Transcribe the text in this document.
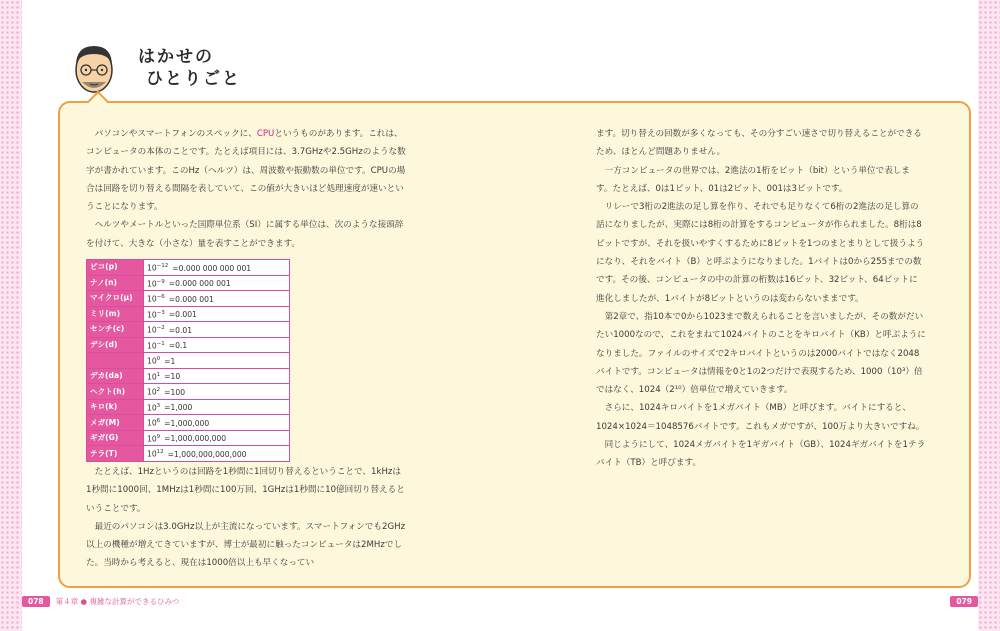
はかせの
ひとりごと

パソコンやスマートフォンのスペックに、CPUというものがあります。これは、コンピュータの本体のことです。たとえば項目には、3.7GHzや2.5GHzのような数字が書かれています。このHz（ヘルツ）は、周波数や振動数の単位です。CPUの場合は回路を切り替える間隔を表していて、この値が大きいほど処理速度が速いということになります。

ヘルツやメートルといった国際単位系（SI）に属する単位は、次のような接頭辞を付けて、大きな（小さな）量を表すことができます。

ピコ(p)	$10^{-12} =0.000$ 000 000 001
ナノ(n)	$10^{-9} =0.000$ 000 001
マイクロ(μ)	$10^{-6} =0.000$ 001
ミリ(m)	$10^{-3} =0.001$
センチ(c)	$10^{-2} =0.01$
デシ(d)	$10^{-1} =0.1$
	$10^0 =1$
デカ(da)	$10^1 =10$
ヘクト(h)	$10^2 =100$
キロ(k)	$10^3 =1,000$
メガ(M)	$10^6 =1,000,000$
ギガ(G)	$10^9 =1,000,000,000$
テラ(T)	$10^{12} =1,000,000,000,000$

たとえば、1Hzというのは回路を1秒間に1回切り替えるということで、1kHzは1秒間に1000回、1MHzは1秒間に100万回、1GHzは1秒間に10億回切り替えるということです。

最近のパソコンは3.0GHz以上が主流になっています。スマートフォンでも2GHz以上の機種が増えてきていますが、博士が最初に触ったコンピュータは2MHzでした。当時から考えると、現在は1000倍以上も早くなってい

ます。切り替えの回数が多くなっても、その分すごい速さで切り替えることができるため、ほとんど問題ありません。

一方コンピュータの世界では、2進法の1桁をビット（bit）という単位で表します。たとえば、0は1ビット、01は2ビット、001は3ビットです。

リレーで3桁の2進法の足し算を作り、それでも足りなくて6桁の2進法の足し算の話になりましたが、実際には8桁の計算をするコンピュータが作られました。8桁は8ビットですが、それを扱いやすくするために8ビットを1つのまとまりとして扱うようになり、それをバイト（B）と呼ぶようになりました。1バイトは0から255までの数です。その後、コンピュータの中の計算の桁数は16ビット、32ビット、64ビットに進化しましたが、1バイトが8ビットというのは変わらないままです。

第2章で、指10本で0から1023まで数えられることを言いましたが、その数がだいたい1000なので、これをまねて1024バイトのことをキロバイト（KB）と呼ぶようになりました。ファイルのサイズで2キロバイトというのは2000バイトではなく2048バイトです。コンピュータは情報を0と1の2つだけで表現するため、1000（10³）倍ではなく、1024（2¹⁰）倍単位で増えていきます。

さらに、1024キロバイトを1メガバイト（MB）と呼びます。バイトにすると、1024×1024＝1048576バイトです。これもメガですが、100万より大きいですね。

同じようにして、1024メガバイトを1ギガバイト（GB）、1024ギガバイトを1テラバイト（TB）と呼びます。

078 第４章 ● 複雑な計算ができるひみつ	079
